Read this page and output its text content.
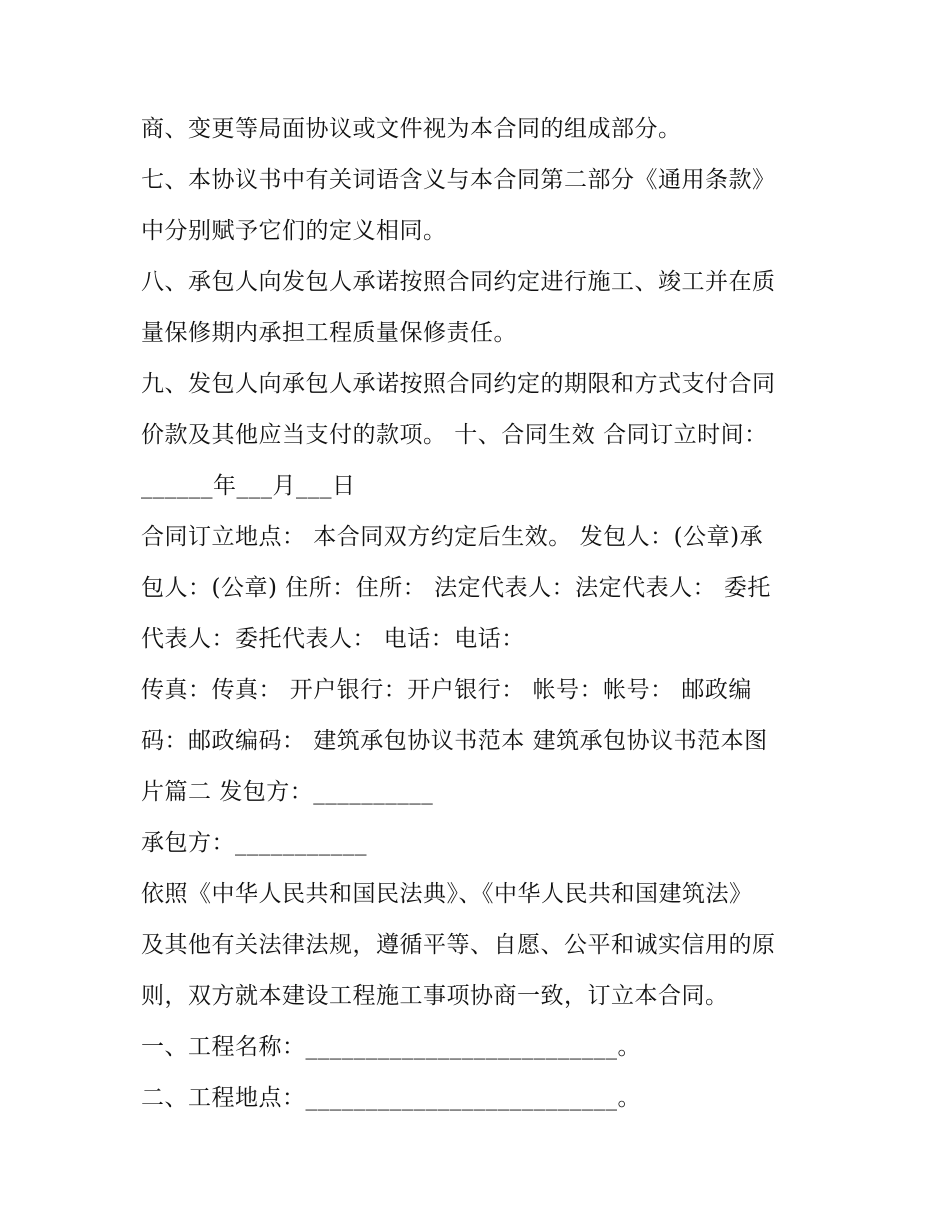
商、变更等局面协议或文件视为本合同的组成部分。
七、本协议书中有关词语含义与本合同第二部分《通用条款》
中分别赋予它们的定义相同。
八、承包人向发包人承诺按照合同约定进行施工、竣工并在质
量保修期内承担工程质量保修责任。
九、发包人向承包人承诺按照合同约定的期限和方式支付合同
价款及其他应当支付的款项。 十、合同生效 合同订立时间：
______年___月___日
合同订立地点： 本合同双方约定后生效。 发包人：(公章)承
包人：(公章) 住所：住所： 法定代表人：法定代表人： 委托
代表人：委托代表人： 电话：电话：
传真：传真： 开户银行：开户银行： 帐号：帐号： 邮政编
码：邮政编码： 建筑承包协议书范本 建筑承包协议书范本图
片篇二 发包方：__________
承包方：___________
依照《中华人民共和国民法典》、《中华人民共和国建筑法》
及其他有关法律法规，遵循平等、自愿、公平和诚实信用的原
则，双方就本建设工程施工事项协商一致，订立本合同。
一、工程名称：__________________________。
二、工程地点：__________________________。
